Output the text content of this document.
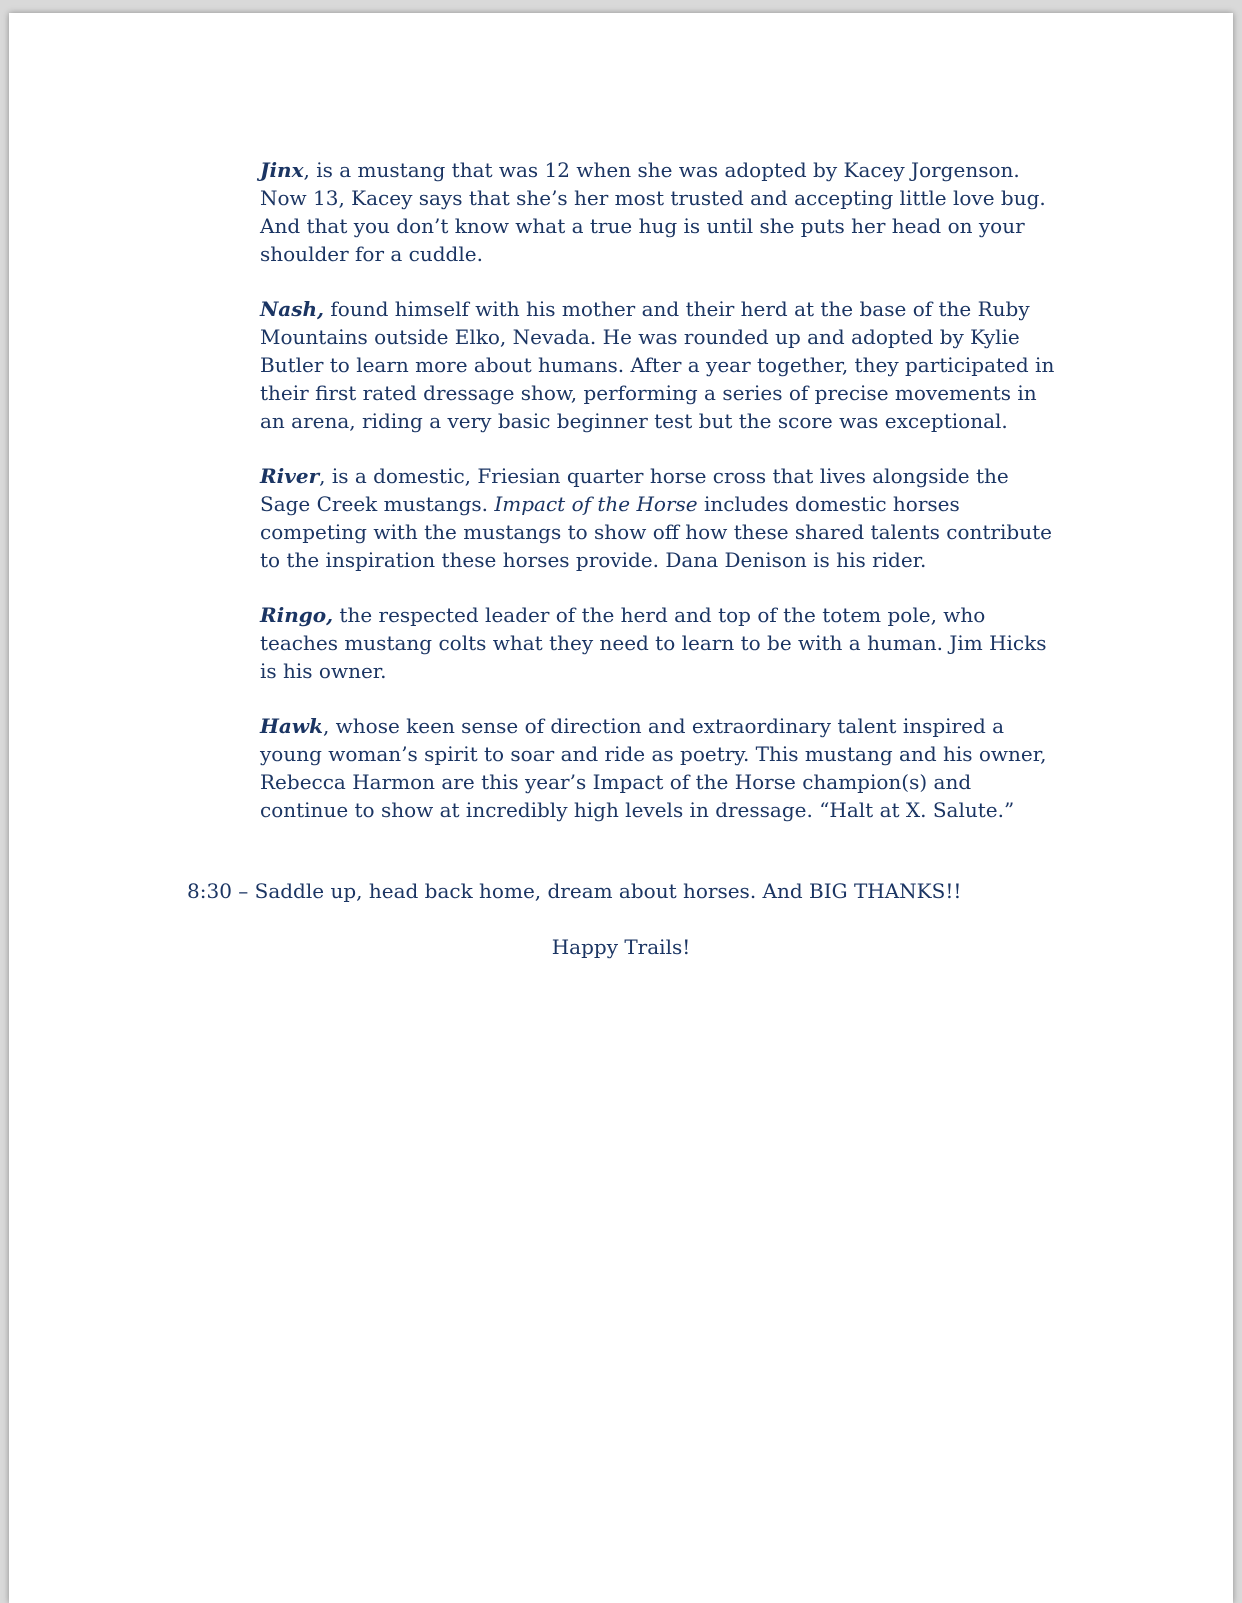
Jinx, is a mustang that was 12 when she was adopted by Kacey Jorgenson. Now 13, Kacey says that she’s her most trusted and accepting little love bug. And that you don’t know what a true hug is until she puts her head on your shoulder for a cuddle.

Nash, found himself with his mother and their herd at the base of the Ruby Mountains outside Elko, Nevada. He was rounded up and adopted by Kylie Butler to learn more about humans. After a year together, they participated in their first rated dressage show, performing a series of precise movements in an arena, riding a very basic beginner test but the score was exceptional.

River, is a domestic, Friesian quarter horse cross that lives alongside the Sage Creek mustangs. Impact of the Horse includes domestic horses competing with the mustangs to show off how these shared talents contribute to the inspiration these horses provide. Dana Denison is his rider.

Ringo, the respected leader of the herd and top of the totem pole, who teaches mustang colts what they need to learn to be with a human. Jim Hicks is his owner.

Hawk, whose keen sense of direction and extraordinary talent inspired a young woman’s spirit to soar and ride as poetry. This mustang and his owner, Rebecca Harmon are this year’s Impact of the Horse champion(s) and continue to show at incredibly high levels in dressage. “Halt at X. Salute.”

8:30 – Saddle up, head back home, dream about horses. And BIG THANKS!!
Happy Trails!
